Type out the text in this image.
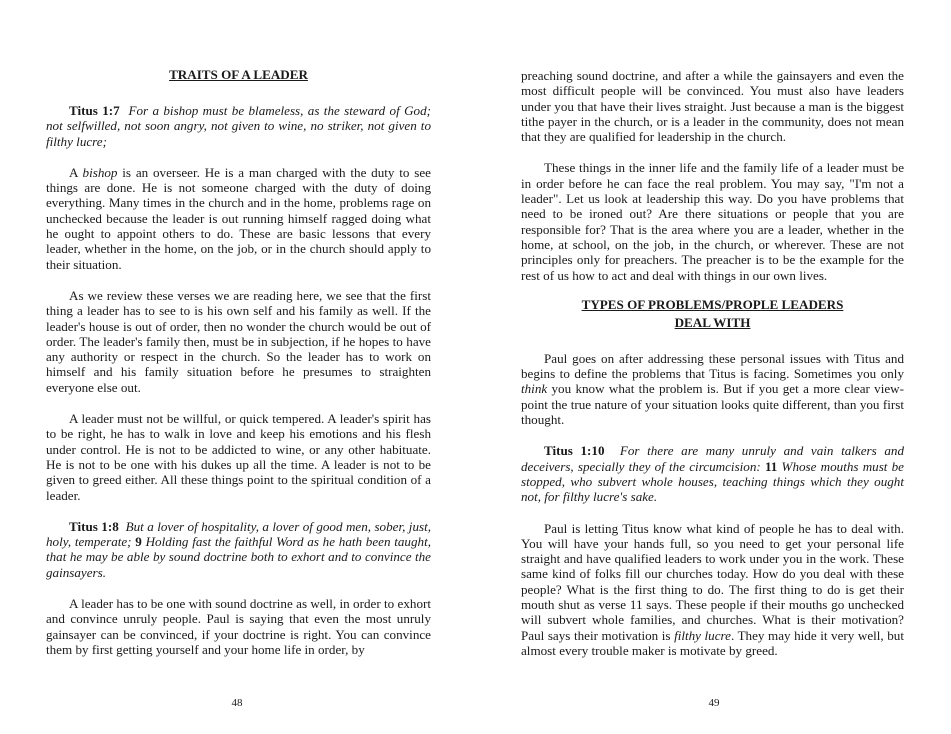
TRAITS OF A LEADER

Titus 1:7 For a bishop must be blameless, as the steward of God; not selfwilled, not soon angry, not given to wine, no striker, not given to filthy lucre;

A bishop is an overseer. He is a man charged with the duty to see things are done. He is not someone charged with the duty of doing everything. Many times in the church and in the home, problems rage on unchecked because the leader is out running himself ragged doing what he ought to appoint others to do. These are basic lessons that every leader, whether in the home, on the job, or in the church should apply to their situation.

As we review these verses we are reading here, we see that the first thing a leader has to see to is his own self and his family as well. If the leader's house is out of order, then no wonder the church would be out of order. The leader's family then, must be in subjection, if he hopes to have any authority or respect in the church. So the leader has to work on himself and his family situation before he presumes to straighten everyone else out.

A leader must not be willful, or quick tempered. A leader's spirit has to be right, he has to walk in love and keep his emotions and his flesh under control. He is not to be addicted to wine, or any other habituate. He is not to be one with his dukes up all the time. A leader is not to be given to greed either. All these things point to the spiritual condition of a leader.

Titus 1:8 But a lover of hospitality, a lover of good men, sober, just, holy, temperate; 9 Holding fast the faithful Word as he hath been taught, that he may be able by sound doctrine both to exhort and to convince the gainsayers.

A leader has to be one with sound doctrine as well, in order to exhort and convince unruly people. Paul is saying that even the most unruly gainsayer can be convinced, if your doctrine is right. You can convince them by first getting yourself and your home life in order, by

48

preaching sound doctrine, and after a while the gainsayers and even the most difficult people will be convinced. You must also have leaders under you that have their lives straight. Just because a man is the biggest tithe payer in the church, or is a leader in the community, does not mean that they are qualified for leadership in the church.

These things in the inner life and the family life of a leader must be in order before he can face the real problem. You may say, "I'm not a leader". Let us look at leadership this way. Do you have problems that need to be ironed out? Are there situations or people that you are responsible for? That is the area where you are a leader, whether in the home, at school, on the job, in the church, or wherever. These are not principles only for preachers. The preacher is to be the example for the rest of us how to act and deal with things in our own lives.

TYPES OF PROBLEMS/PROPLE LEADERS

DEAL WITH

Paul goes on after addressing these personal issues with Titus and begins to define the problems that Titus is facing. Sometimes you only think you know what the problem is. But if you get a more clear view-point the true nature of your situation looks quite different, than you first thought.

Titus 1:10 For there are many unruly and vain talkers and deceivers, specially they of the circumcision: 11 Whose mouths must be stopped, who subvert whole houses, teaching things which they ought not, for filthy lucre's sake.

Paul is letting Titus know what kind of people he has to deal with. You will have your hands full, so you need to get your personal life straight and have qualified leaders to work under you in the work. These same kind of folks fill our churches today. How do you deal with these people? What is the first thing to do. The first thing to do is get their mouth shut as verse 11 says. These people if their mouths go unchecked will subvert whole families, and churches. What is their motivation? Paul says their motivation is filthy lucre. They may hide it very well, but almost every trouble maker is motivate by greed.

49
